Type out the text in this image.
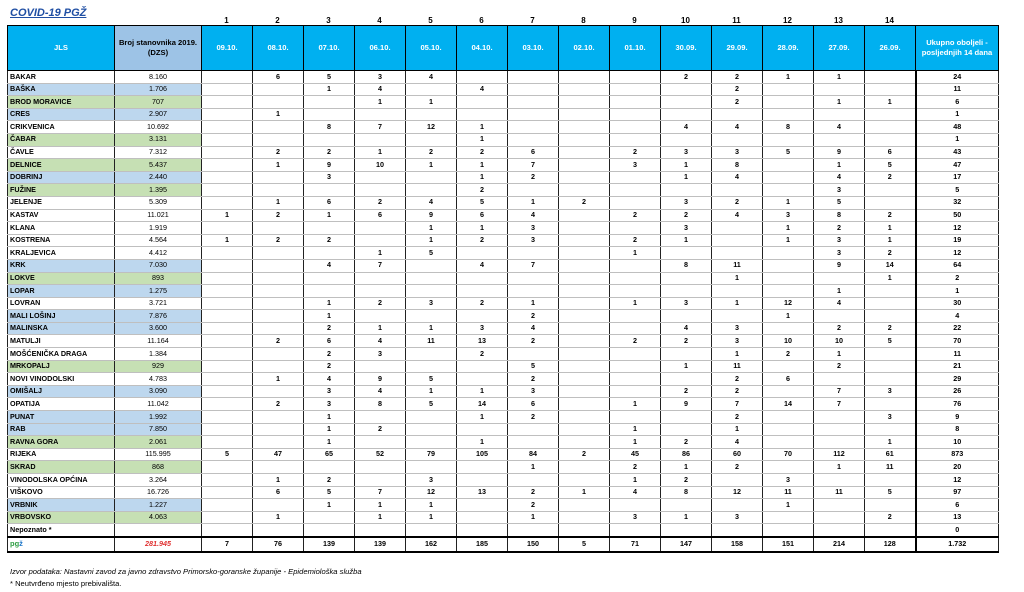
COVID-19 PGŽ
1	2	3	4	5	6	7	8	9	10	11	12	13	14
JLS	Broj stanovnika 2019. (DZS)	09.10.	08.10.	07.10.	06.10.	05.10.	04.10.	03.10.	02.10.	01.10.	30.09.	29.09.	28.09.	27.09.	26.09.	Ukupno oboljeli - posljednjih 14 dana
BAKAR	8.160		6	5	3	4					2	2	1	1		24
BAŠKA	1.706			1	4		4					2				11
BROD MORAVICE	707				1	1						2		1	1	6
CRES	2.907		1													1
CRIKVENICA	10.692			8	7	12	1				4	4	8	4		48
ČABAR	3.131						1									1
ČAVLE	7.312		2	2	1	2	2	6		2	3	3	5	9	6	43
DELNICE	5.437		1	9	10	1	1	7		3	1	8		1	5	47
DOBRINJ	2.440			3			1	2			1	4		4	2	17
FUŽINE	1.395						2							3		5
JELENJE	5.309		1	6	2	4	5	1	2		3	2	1	5		32
KASTAV	11.021	1	2	1	6	9	6	4		2	2	4	3	8	2	50
KLANA	1.919					1	1	3			3		1	2	1	12
KOSTRENA	4.564	1	2	2		1	2	3		2	1		1	3	1	19
KRALJEVICA	4.412				1	5				1				3	2	12
KRK	7.030			4	7		4	7			8	11		9	14	64
LOKVE	893											1			1	2
LOPAR	1.275													1		1
LOVRAN	3.721			1	2	3	2	1		1	3	1	12	4		30
MALI LOŠINJ	7.876			1				2					1			4
MALINSKA	3.600			2	1	1	3	4			4	3		2	2	22
MATULJI	11.164		2	6	4	11	13	2		2	2	3	10	10	5	70
MOŠĆENIČKA DRAGA	1.384			2	3		2					1	2	1		11
MRKOPALJ	929			2				5			1	11		2		21
NOVI VINODOLSKI	4.783		1	4	9	5		2				2	6			29
OMIŠALJ	3.090			3	4	1	1	3			2	2		7	3	26
OPATIJA	11.042		2	3	8	5	14	6		1	9	7	14	7		76
PUNAT	1.992			1			1	2				2			3	9
RAB	7.850			1	2					1		1				8
RAVNA GORA	2.061			1			1			1	2	4			1	10
RIJEKA	115.995	5	47	65	52	79	105	84	2	45	86	60	70	112	61	873
SKRAD	868							1		2	1	2		1	11	20
VINODOLSKA OPĆINA	3.264		1	2		3				1	2		3			12
VIŠKOVO	16.726		6	5	7	12	13	2	1	4	8	12	11	11	5	97
VRBNIK	1.227			1	1	1		2					1			6
VRBOVSKO	4.063		1		1	1		1		3	1	3			2	13
Nepoznato *																0
pgž	281.945	7	76	139	139	162	185	150	5	71	147	158	151	214	128	1.732
Izvor podataka: Nastavni zavod za javno zdravstvo Primorsko-goranske županije - Epidemiološka služba
* Neutvrđeno mjesto prebivališta.
